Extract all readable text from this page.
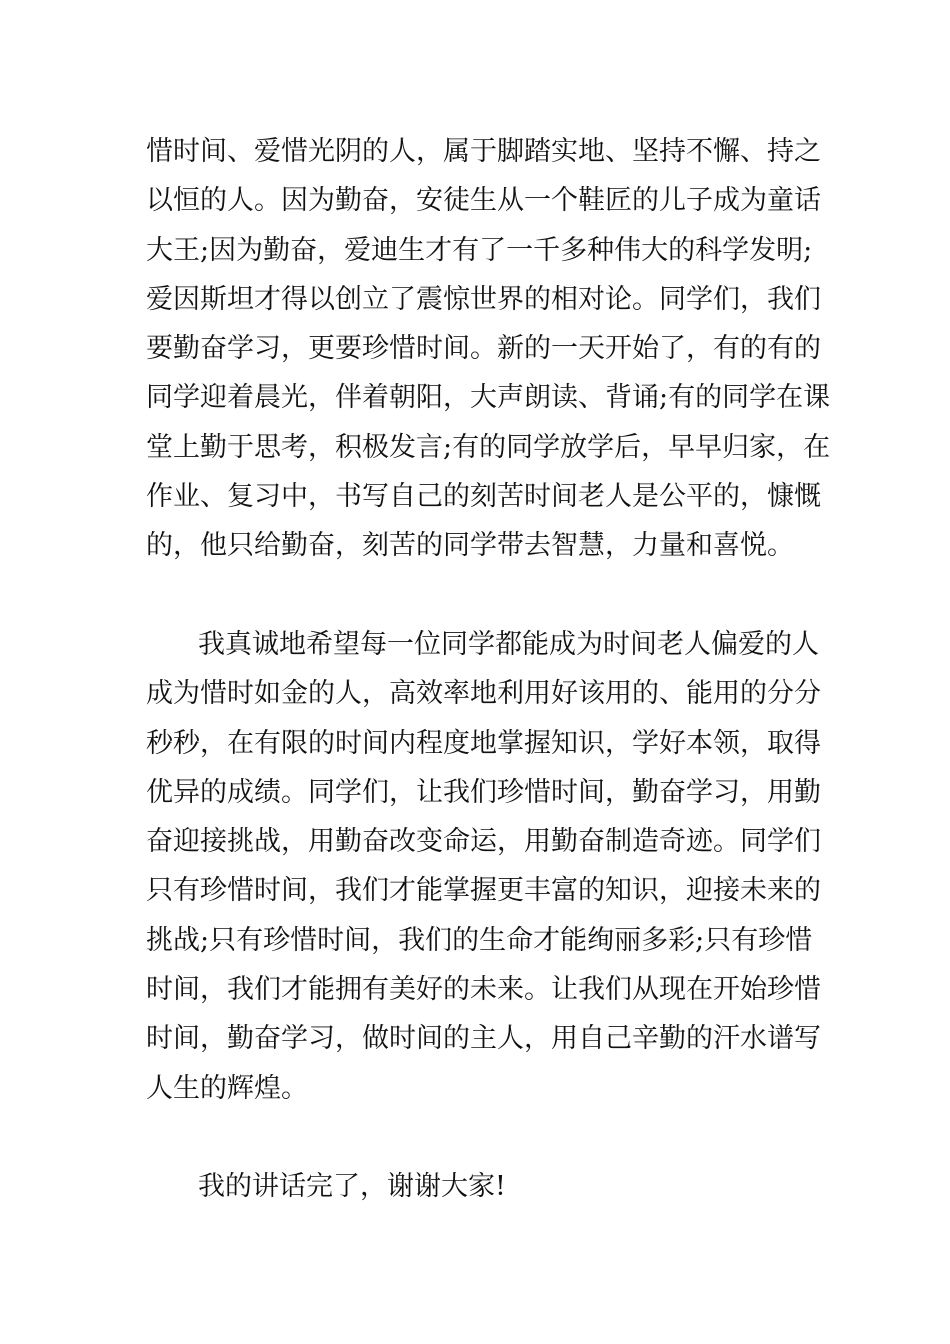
惜时间、爱惜光阴的人，属于脚踏实地、坚持不懈、持之
以恒的人。因为勤奋，安徒生从一个鞋匠的儿子成为童话
大王;因为勤奋，爱迪生才有了一千多种伟大的科学发明;
爱因斯坦才得以创立了震惊世界的相对论。同学们，我们
要勤奋学习，更要珍惜时间。新的一天开始了，有的有的
同学迎着晨光，伴着朝阳，大声朗读、背诵;有的同学在课
堂上勤于思考，积极发言;有的同学放学后，早早归家，在
作业、复习中，书写自己的刻苦时间老人是公平的，慷慨
的，他只给勤奋，刻苦的同学带去智慧，力量和喜悦。
我真诚地希望每一位同学都能成为时间老人偏爱的人
成为惜时如金的人，高效率地利用好该用的、能用的分分
秒秒，在有限的时间内程度地掌握知识，学好本领，取得
优异的成绩。同学们，让我们珍惜时间，勤奋学习，用勤
奋迎接挑战，用勤奋改变命运，用勤奋制造奇迹。同学们
只有珍惜时间，我们才能掌握更丰富的知识，迎接未来的
挑战;只有珍惜时间，我们的生命才能绚丽多彩;只有珍惜
时间，我们才能拥有美好的未来。让我们从现在开始珍惜
时间，勤奋学习，做时间的主人，用自己辛勤的汗水谱写
人生的辉煌。
我的讲话完了，谢谢大家!
